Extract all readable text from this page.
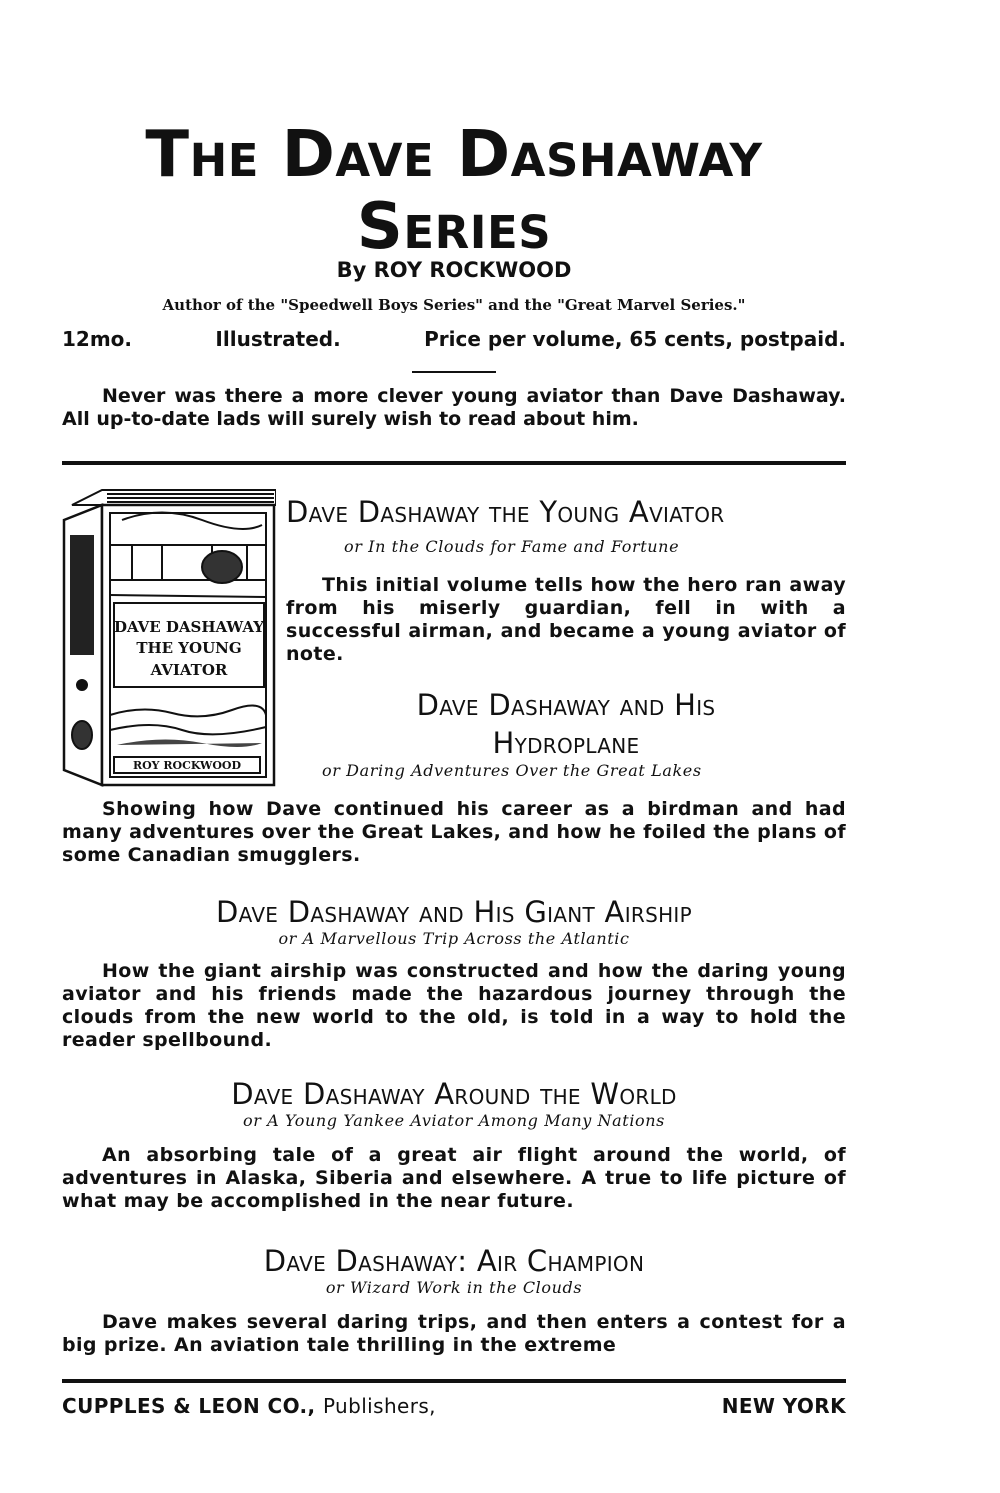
The Dave Dashaway
Series
By ROY ROCKWOOD
Author of the "Speedwell Boys Series" and the "Great Marvel Series."
12mo.	Illustrated.	Price per volume, 65 cents, postpaid.
Never was there a more clever young aviator than Dave Dashaway. All up-to-date lads will surely wish to read about him.
DAVE DASHAWAY
THE YOUNG
AVIATOR
ROY ROCKWOOD
Dave Dashaway the Young Aviator
or In the Clouds for Fame and Fortune
This initial volume tells how the hero ran away from his miserly guardian, fell in with a successful airman, and became a young aviator of note.
Dave Dashaway and His
Hydroplane
or Daring Adventures Over the Great Lakes
Showing how Dave continued his career as a birdman and had many adventures over the Great Lakes, and how he foiled the plans of some Canadian smugglers.
Dave Dashaway and His Giant Airship
or A Marvellous Trip Across the Atlantic
How the giant airship was constructed and how the daring young aviator and his friends made the hazardous journey through the clouds from the new world to the old, is told in a way to hold the reader spellbound.
Dave Dashaway Around the World
or A Young Yankee Aviator Among Many Nations
An absorbing tale of a great air flight around the world, of adventures in Alaska, Siberia and elsewhere. A true to life picture of what may be accomplished in the near future.
Dave Dashaway: Air Champion
or Wizard Work in the Clouds
Dave makes several daring trips, and then enters a contest for a big prize. An aviation tale thrilling in the extreme
CUPPLES & LEON CO., Publishers,	NEW YORK
